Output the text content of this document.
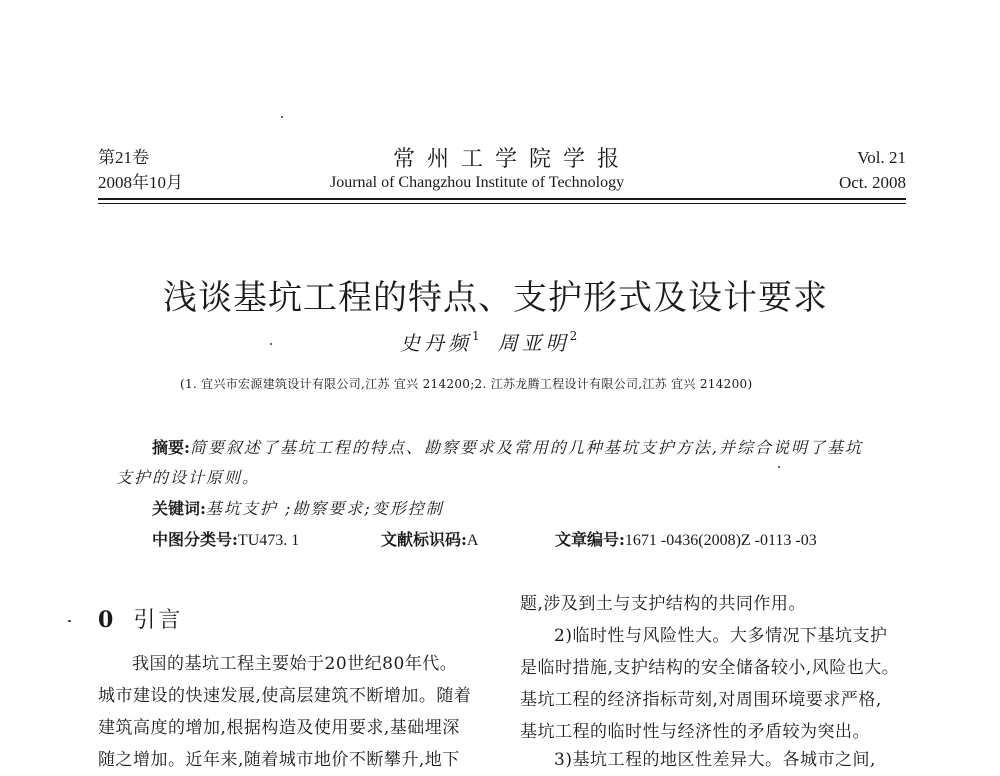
第21卷
2008年10月
常州工学院学报
Journal of Changzhou Institute of Technology
Vol. 21
Oct. 2008
浅谈基坑工程的特点、支护形式及设计要求
史丹频$^1$ 周亚明$^2$
(1. 宜兴市宏源建筑设计有限公司,江苏 宜兴 214200;2. 江苏龙腾工程设计有限公司,江苏 宜兴 214200)
摘要:简要叙述了基坑工程的特点、勘察要求及常用的几种基坑支护方法,并综合说明了基坑
支护的设计原则。
关键词:基坑支护 ;勘察要求;变形控制
中图分类号:TU473. 1	文献标识码:A	文章编号:1671 -0436(2008)Z -0113 -03
0 引言
我国的基坑工程主要始于20世纪80年代。
城市建设的快速发展,使高层建筑不断增加。随着
建筑高度的增加,根据构造及使用要求,基础埋深
随之增加。近年来,随着城市地价不断攀升,地下
题,涉及到土与支护结构的共同作用。
2)临时性与风险性大。大多情况下基坑支护
是临时措施,支护结构的安全储备较小,风险也大。
基坑工程的经济指标苛刻,对周围环境要求严格,
基坑工程的临时性与经济性的矛盾较为突出。
3)基坑工程的地区性差异大。各城市之间,
